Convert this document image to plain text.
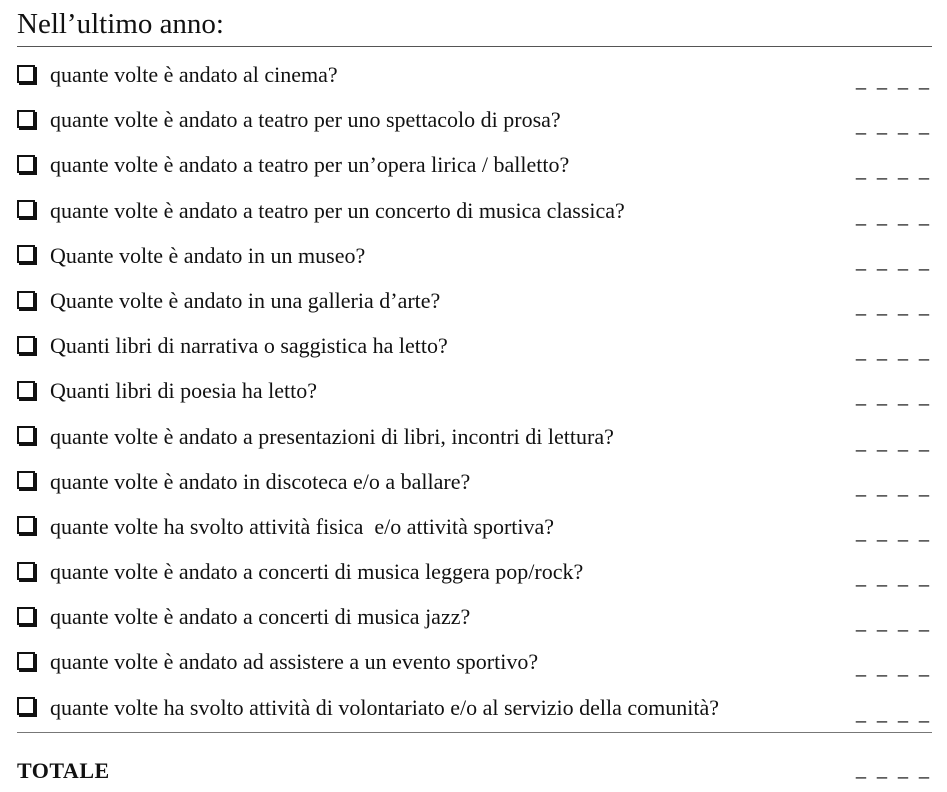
Nell’ultimo anno:
quante volte è andato al cinema?	_ _ _ _
quante volte è andato a teatro per uno spettacolo di prosa?	_ _ _ _
quante volte è andato a teatro per un’opera lirica / balletto?	_ _ _ _
quante volte è andato a teatro per un concerto di musica classica?	_ _ _ _
Quante volte è andato in un museo?	_ _ _ _
Quante volte è andato in una galleria d’arte?	_ _ _ _
Quanti libri di narrativa o saggistica ha letto?	_ _ _ _
Quanti libri di poesia ha letto?	_ _ _ _
quante volte è andato a presentazioni di libri, incontri di lettura?	_ _ _ _
quante volte è andato in discoteca e/o a ballare?	_ _ _ _
quante volte ha svolto attività fisica  e/o attività sportiva?	_ _ _ _
quante volte è andato a concerti di musica leggera pop/rock?	_ _ _ _
quante volte è andato a concerti di musica jazz?	_ _ _ _
quante volte è andato ad assistere a un evento sportivo?	_ _ _ _
quante volte ha svolto attività di volontariato e/o al servizio della comunità?	_ _ _ _
TOTALE	_ _ _ _
